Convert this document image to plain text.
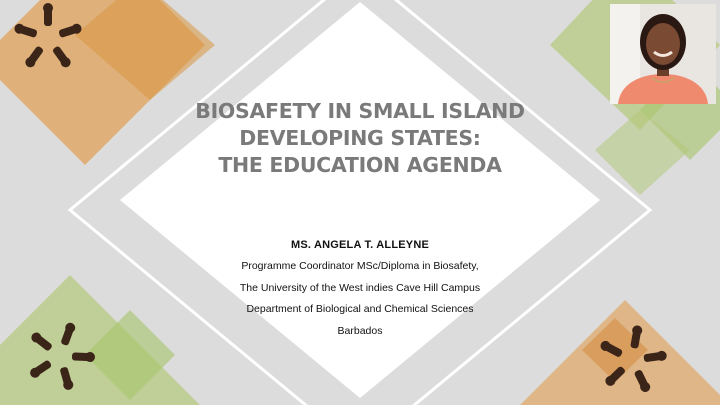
BIOSAFETY IN SMALL ISLAND
DEVELOPING STATES:
THE EDUCATION AGENDA
MS. ANGELA T. ALLEYNE
Programme Coordinator MSc/Diploma in Biosafety,
The University of the West indies Cave Hill Campus
Department of Biological and Chemical Sciences
Barbados
